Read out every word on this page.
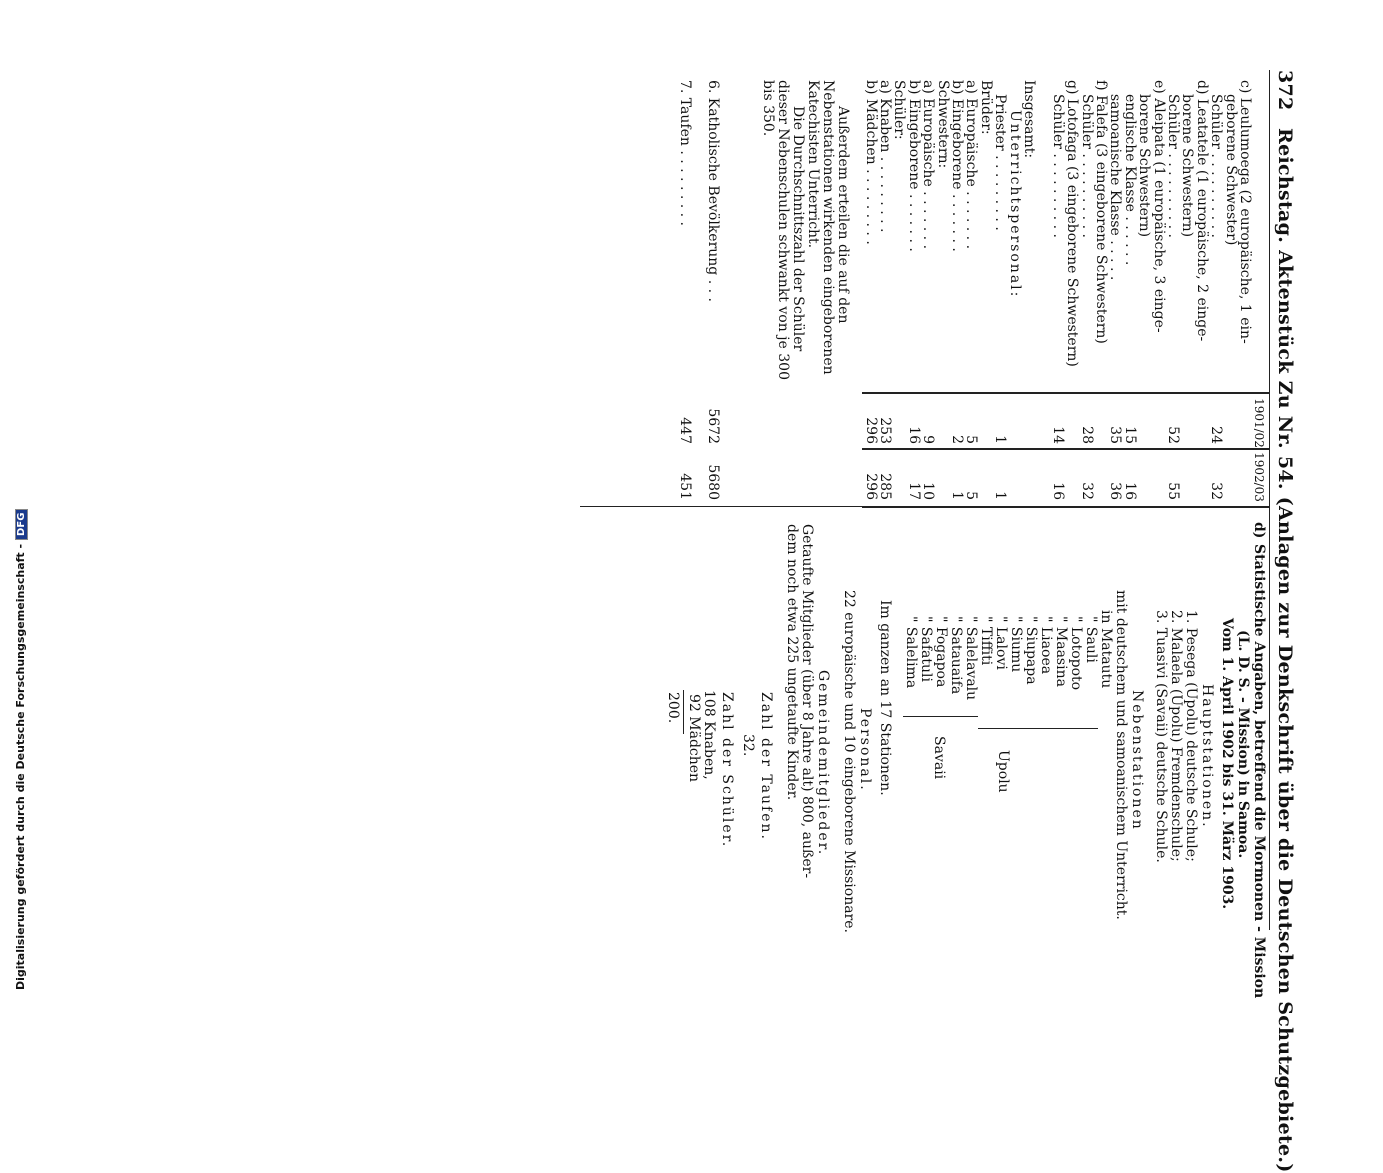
372
Reichstag. Aktenstück Zu Nr. 54. (Anlagen zur Denkschrift über die Deutschen Schutzgebiete.)
1901/02
1902/03
c) Leulumoega (2 europäische, 1 ein-
geborene Schwester)
Schüler . . . . . . . . . .
24
32
d) Leatatele (1 europäische, 2 einge-
borene Schwestern)
Schüler . . . . . . . . . .
52
55
e) Aleipata (1 europäische, 3 einge-
borene Schwestern)
englische Klasse . . . . . .
15
16
samoanische Klasse . . . . .
35
36
f) Falefa (3 eingeborene Schwestern)
Schüler . . . . . . . . . .
28
32
g) Lotofaga (3 eingeborene Schwestern)
Schüler . . . . . . . . . .
14
16
Insgesamt:
Unterrichtspersonal:
Priester . . . . . . . . .
1
1
Brüder:
a) Europäische . . . . . . .
5
5
b) Eingeborene . . . . . . .
2
1
Schwestern:
a) Europäische . . . . . . .
9
10
b) Eingeborene . . . . . . .
16
17
Schüler:
a) Knaben . . . . . . . . .
253
285
b) Mädchen . . . . . . . . .
296
296
Außerdem erteilen die auf den
Nebenstationen wirkenden eingeborenen
Katechisten Unterricht.
Die Durchschnittszahl der Schüler
dieser Nebenschulen schwankt von je 300
bis 350.
6. Katholische Bevölkerung . . .
5672
5680
7. Taufen . . . . . . . . .
447
451
d)
Statistische Angaben, betreffend die Mormonen - Mission
(L. D. S. - Mission) in Samoa.
Vom 1. April 1902 bis 31. März 1903.
Hauptstationen.
1. Pesega (Upolu) deutsche Schule;
2. Malaela (Upolu) Fremdenschule;
3. Tuasivi (Savaii) deutsche Schule.
Nebenstationen
mit deutschem und samoanischem Unterricht.
in Matautu
" Sauli
" Lotopoto
" Maasina
" Liaoea
" Siupapa
" Siumu
" Lalovi
" Tiffiti
Upolu
" Salelavalu
" Satauaifa
" Fogapoa
" Safatuli
" Salelima
Savaii
Im ganzen an 17 Stationen.
Personal.
22 europäische und 10 eingeborene Missionare.
Gemeindemitglieder.
Getaufte Mitglieder (über 8 Jahre alt) 800, außer-
dem noch etwa 225 ungetaufte Kinder.
Zahl der Taufen.
32.
Zahl der Schüler.
108 Knaben,
92 Mädchen
200.
Digitalisierung gefördert durch die Deutsche Forschungsgemeinschaft -DFG
